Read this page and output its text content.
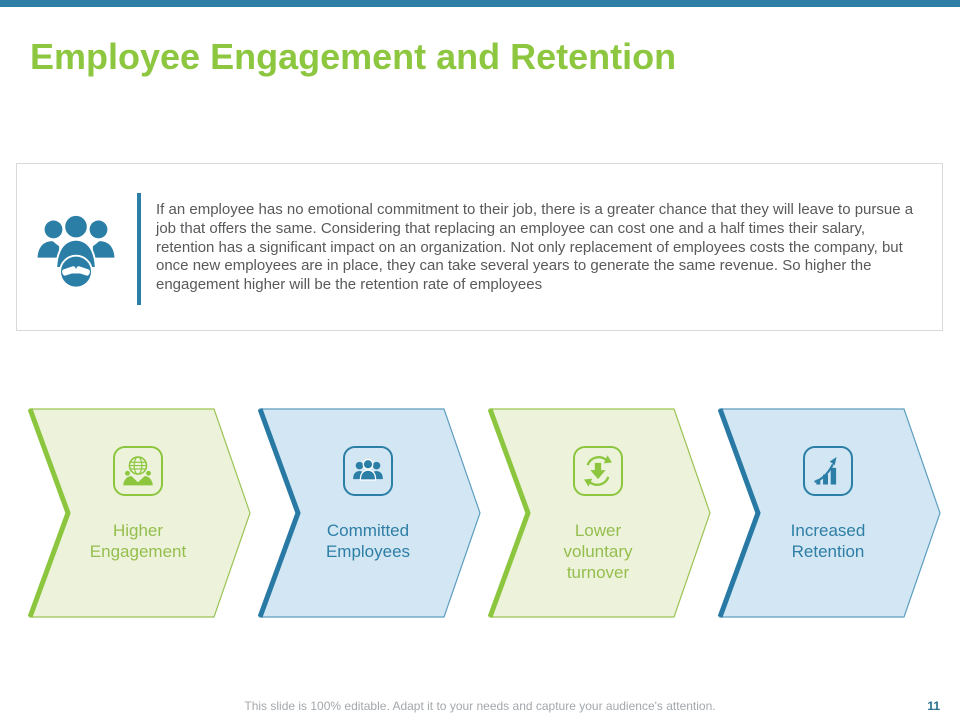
Employee Engagement and Retention
If an employee has no emotional commitment to their job, there is a greater chance that they will leave to pursue a job that offers the same. Considering that replacing an employee can cost one and a half times their salary, retention has a significant impact on an organization. Not only replacement of employees costs the company, but once new employees are in place, they can take several years to generate the same revenue. So higher the engagement higher will be the retention rate of employees
Higher Engagement
Committed Employees
Lower voluntary turnover
Increased Retention
This slide is 100% editable. Adapt it to your needs and capture your audience's attention.	11
